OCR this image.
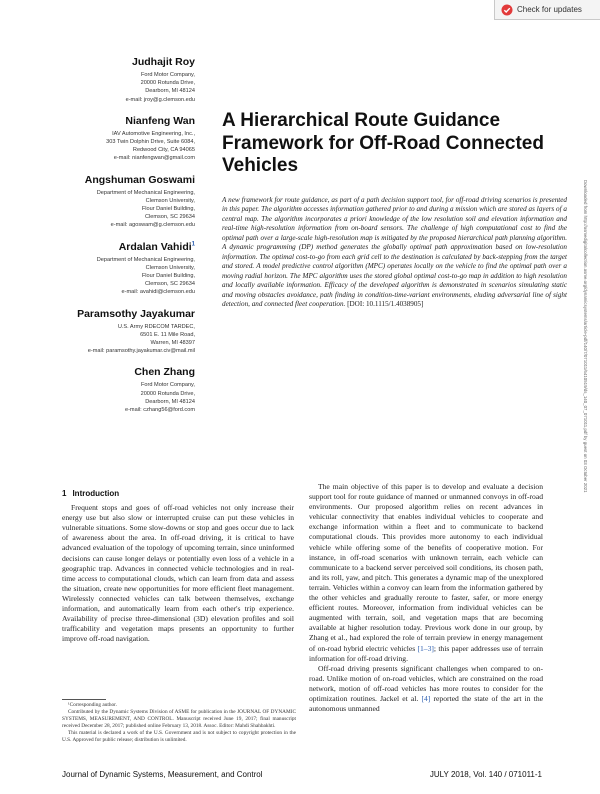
Check for updates
Judhajit Roy
Ford Motor Company,
20000 Rotunda Drive,
Dearborn, MI 48124
e-mail: jroy@g.clemson.edu
Nianfeng Wan
IAV Automotive Engineering, Inc.,
303 Twin Dolphin Drive, Suite 6084,
Redwood City, CA 94065
e-mail: nianfengwan@gmail.com
Angshuman Goswami
Department of Mechanical Engineering,
Clemson University,
Flour Daniel Building,
Clemson, SC 29634
e-mail: agoswam@g.clemson.edu
Ardalan Vahidi$^1$
Department of Mechanical Engineering,
Clemson University,
Flour Daniel Building,
Clemson, SC 29634
e-mail: avahidi@clemson.edu
Paramsothy Jayakumar
U.S. Army RDECOM TARDEC,
6501 E. 11 Mile Road,
Warren, MI 48397
e-mail: paramsothy.jayakumar.civ@mail.mil
Chen Zhang
Ford Motor Company,
20000 Rotunda Drive,
Dearborn, MI 48124
e-mail: czhang56@ford.com
A Hierarchical Route Guidance Framework for Off-Road Connected Vehicles

A new framework for route guidance, as part of a path decision support tool, for off-road driving scenarios is presented in this paper. The algorithm accesses information gathered prior to and during a mission which are stored as layers of a central map. The algorithm incorporates a priori knowledge of the low resolution soil and elevation information and real-time high-resolution information from on-board sensors. The challenge of high computational cost to find the optimal path over a large-scale high-resolution map is mitigated by the proposed hierarchical path planning algorithm. A dynamic programming (DP) method generates the globally optimal path approximation based on low-resolution information. The optimal cost-to-go from each grid cell to the destination is calculated by back-stepping from the target and stored. A model predictive control algorithm (MPC) operates locally on the vehicle to find the optimal path over a moving radial horizon. The MPC algorithm uses the stored global optimal cost-to-go map in addition to high resolution and locally available information. Efficacy of the developed algorithm is demonstrated in scenarios simulating static and moving obstacles avoidance, path finding in condition-time-variant environments, eluding adversarial line of sight detection, and connected fleet cooperation. [DOI: 10.1115/1.4038905]	Downloaded from http://asmedigitalcollection.asme.org/dynamicsystems/article-pdf/140/7/071011/6410519/ds_140_07_071011.pdf by guest on 03 October 2021
1 Introduction

Frequent stops and goes of off-road vehicles not only increase their energy use but also slow or interrupted cruise can put these vehicles in vulnerable situations. Some slow-downs or stop and goes occur due to lack of awareness about the area. In off-road driving, it is critical to have advanced evaluation of the topology of upcoming terrain, since uninformed decisions can cause longer delays or potentially even loss of a vehicle in a geographic trap. Advances in connected vehicle technologies and in real-time access to computational clouds, which can learn from data and assess the situation, create new opportunities for more efficient fleet management. Wirelessly connected vehicles can talk between themselves, exchange information, and automatically learn from each other's trip experience. Availability of precise three-dimensional (3D) elevation profiles and soil trafficability and vegetation maps presents an opportunity to further improve off-road navigation.

The main objective of this paper is to develop and evaluate a decision support tool for route guidance of manned or unmanned convoys in off-road environments. Our proposed algorithm relies on recent advances in vehicular connectivity that enables individual vehicles to cooperate and exchange information within a fleet and to communicate to backend computational clouds. This provides more autonomy to each individual vehicle while offering some of the benefits of cooperative motion. For instance, in off-road scenarios with unknown terrain, each vehicle can communicate to a backend server perceived soil conditions, its chosen path, and its roll, yaw, and pitch. This generates a dynamic map of the unexplored terrain. Vehicles within a convoy can learn from the information gathered by the other vehicles and gradually reroute to faster, safer, or more energy efficient routes. Moreover, information from individual vehicles can be augmented with terrain, soil, and vegetation maps that are becoming available at higher resolution today. Previous work done in our group, by Zhang et al., had explored the role of terrain preview in energy management of on-road hybrid electric vehicles [1–3]; this paper addresses use of terrain information for off-road driving.

Off-road driving presents significant challenges when compared to on-road. Unlike motion of on-road vehicles, which are constrained on the road network, motion of off-road vehicles has more routes to consider for the optimization routines. Jackel et al. [4] reported the state of the art in the autonomous unmanned

¹Corresponding author.

Contributed by the Dynamic Systems Division of ASME for publication in the JOURNAL OF DYNAMIC SYSTEMS, MEASUREMENT, AND CONTROL. Manuscript received June 19, 2017; final manuscript received December 28, 2017; published online February 13, 2018. Assoc. Editor: Mahdi Shahbakhti.

This material is declared a work of the U.S. Government and is not subject to copyright protection in the U.S. Approved for public release; distribution is unlimited.

Journal of Dynamic Systems, Measurement, and Control	JULY 2018, Vol. 140 / 071011-1
